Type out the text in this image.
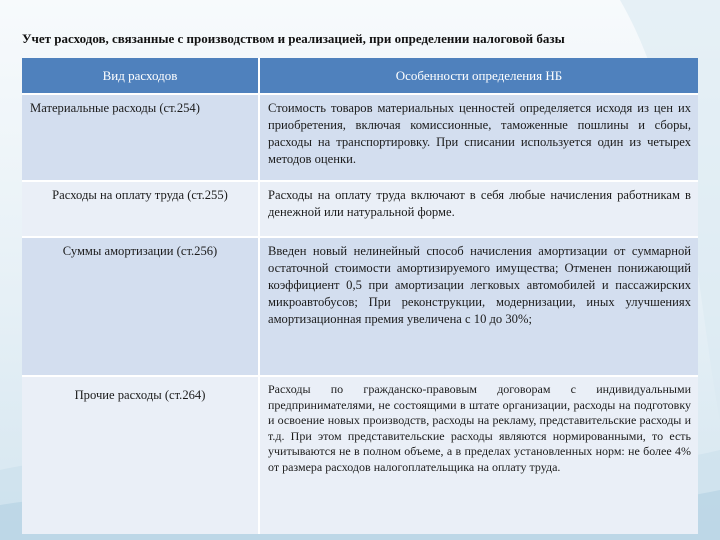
Учет расходов, связанные с производством и реализацией, при определении налоговой базы
Вид расходов	Особенности определения НБ
Материальные расходы (ст.254)	Стоимость товаров материальных ценностей определяется исходя из цен их приобретения, включая комиссионные, таможенные пошлины и сборы, расходы на транспортировку. При списании используется один из четырех методов оценки.
Расходы на оплату труда (ст.255)	Расходы на оплату труда включают в себя любые начисления работникам в денежной или натуральной форме.
Суммы амортизации (ст.256)	Введен новый нелинейный способ начисления амортизации от суммарной остаточной стоимости амортизируемого имущества; Отменен понижающий коэффициент 0,5 при амортизации легковых автомобилей и пассажирских микроавтобусов; При реконструкции, модернизации, иных улучшениях амортизационная премия увеличена с 10 до 30%;
Прочие расходы (ст.264)	Расходы по гражданско-правовым договорам с индивидуальными предпринимателями, не состоящими в штате организации, расходы на подготовку и освоение новых производств, расходы на рекламу, представительские расходы и т.д. При этом представительские расходы являются нормированными, то есть учитываются не в полном объеме, а в пределах установленных норм: не более 4% от размера расходов налогоплательщика на оплату труда.
